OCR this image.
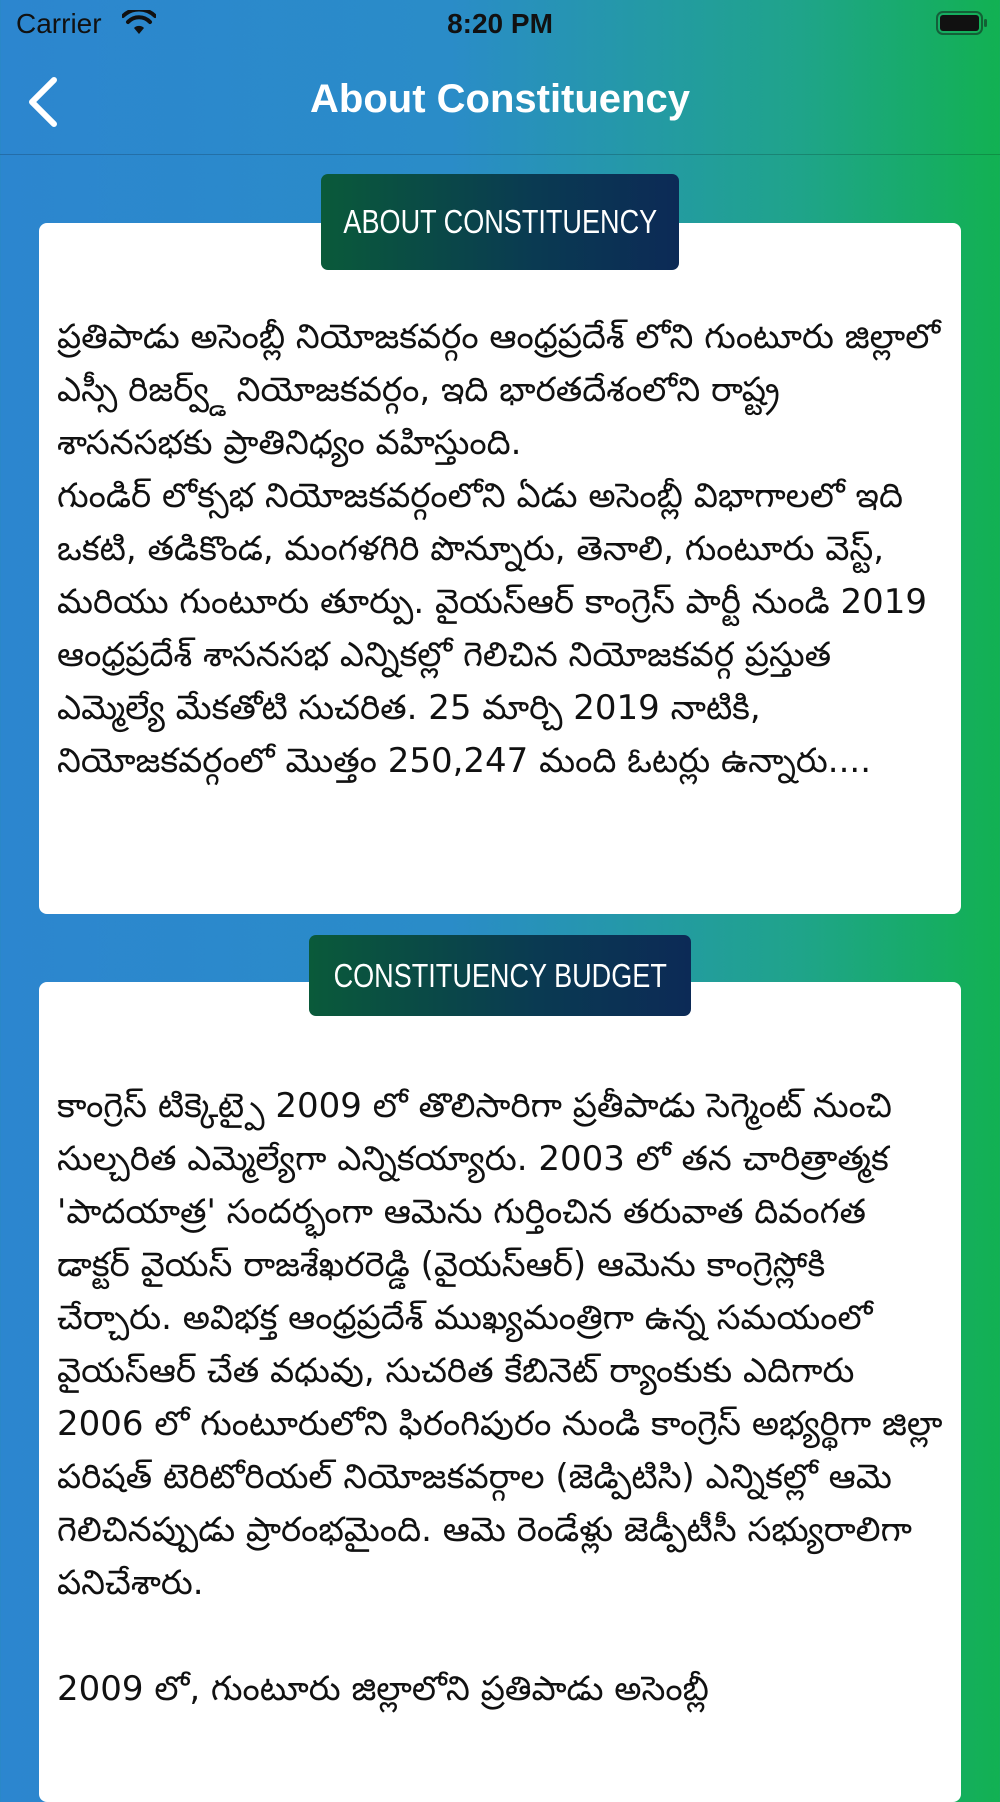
Carrier	8:20 PM
About Constituency

ప్రతిపాడు అసెంబ్లీ నియోజకవర్గం ఆంధ్రప్రదేశ్ లోని గుంటూరు జిల్లాలో ఎస్సీ రిజర్వ్డ్ నియోజకవర్గం, ఇది భారతదేశంలోని రాష్ట్ర శాసనసభకు ప్రాతినిధ్యం వహిస్తుంది.
గుండిర్ లోక్సభ నియోజకవర్గంలోని ఏడు అసెంబ్లీ విభాగాలలో ఇది ఒకటి, తడికొండ, మంగళగిరి పొన్నూరు, తెనాలి, గుంటూరు వెస్ట్, మరియు గుంటూరు తూర్పు. వైయస్ఆర్ కాంగ్రెస్ పార్టీ నుండి 2019 ఆంధ్రప్రదేశ్ శాసనసభ ఎన్నికల్లో గెలిచిన నియోజకవర్గ ప్రస్తుత ఎమ్మెల్యే మేకతోటి సుచరిత. 25 మార్చి 2019 నాటికి, నియోజకవర్గంలో మొత్తం 250,247 మంది ఓటర్లు ఉన్నారు....

ABOUT CONSTITUENCY

కాంగ్రెస్ టిక్కెట్పై 2009 లో తొలిసారిగా ప్రతీపాడు సెగ్మెంట్ నుంచి సుల్చరిత ఎమ్మెల్యేగా ఎన్నికయ్యారు. 2003 లో తన చారిత్రాత్మక 'పాదయాత్ర' సందర్భంగా ఆమెను గుర్తించిన తరువాత దివంగత డాక్టర్ వైయస్ రాజశేఖరరెడ్డి (వైయస్ఆర్) ఆమెను కాంగ్రెస్లోకి చేర్చారు. అవిభక్త ఆంధ్రప్రదేశ్ ముఖ్యమంత్రిగా ఉన్న సమయంలో వైయస్ఆర్ చేత వధువు, సుచరిత కేబినెట్ ర్యాంకుకు ఎదిగారు 2006 లో గుంటూరులోని ఫిరంగిపురం నుండి కాంగ్రెస్ అభ్యర్థిగా జిల్లా పరిషత్ టెరిటోరియల్ నియోజకవర్గాల (జెడ్పిటిసి) ఎన్నికల్లో ఆమె గెలిచినప్పుడు ప్రారంభమైంది. ఆమె రెండేళ్లు జెడ్పీటీసీ సభ్యురాలిగా పనిచేశారు.

2009 లో, గుంటూరు జిల్లాలోని ప్రతిపాడు అసెంబ్లీ

CONSTITUENCY BUDGET
